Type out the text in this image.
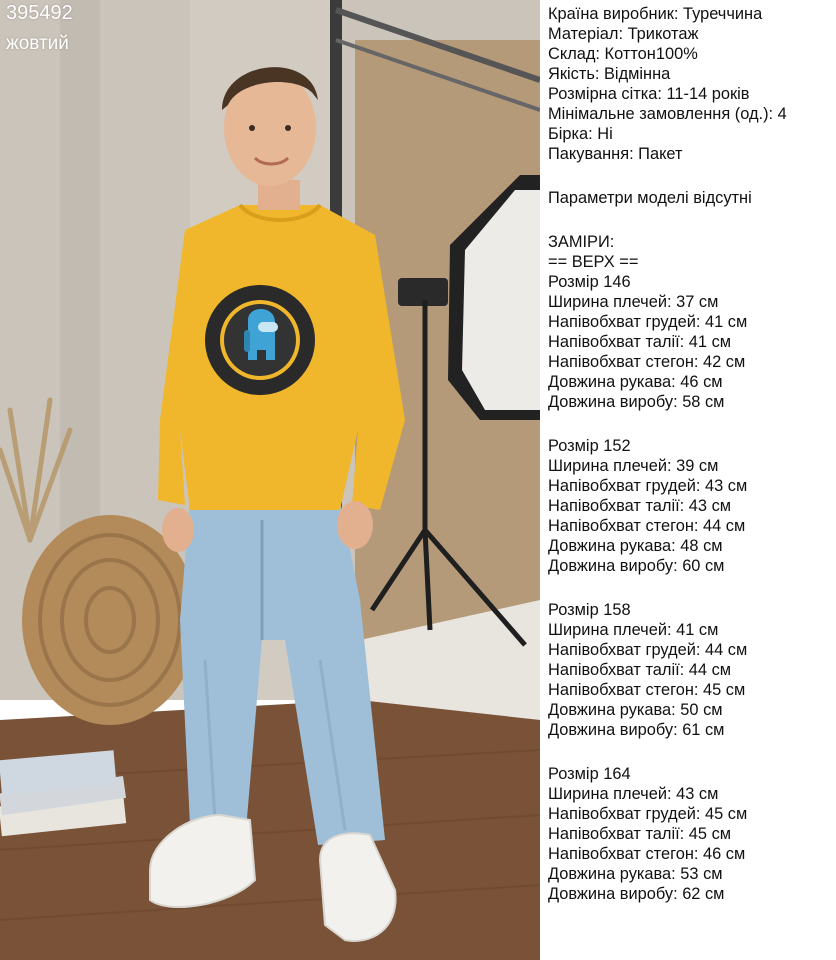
395492
жовтий
Країна виробник: Туреччина
Матеріал: Трикотаж
Склад: Коттон100%
Якість: Відмінна
Розмірна сітка: 11-14 років
Мінімальне замовлення (од.): 4
Бірка: Ні
Пакування: Пакет
Параметри моделі відсутні
ЗАМІРИ:
== ВЕРХ ==
Розмір 146
Ширина плечей: 37 см
Напівобхват грудей: 41 см
Напівобхват талії: 41 см
Напівобхват стегон: 42 см
Довжина рукава: 46 см
Довжина виробу: 58 см
Розмір 152
Ширина плечей: 39 см
Напівобхват грудей: 43 см
Напівобхват талії: 43 см
Напівобхват стегон: 44 см
Довжина рукава: 48 см
Довжина виробу: 60 см
Розмір 158
Ширина плечей: 41 см
Напівобхват грудей: 44 см
Напівобхват талії: 44 см
Напівобхват стегон: 45 см
Довжина рукава: 50 см
Довжина виробу: 61 см
Розмір 164
Ширина плечей: 43 см
Напівобхват грудей: 45 см
Напівобхват талії: 45 см
Напівобхват стегон: 46 см
Довжина рукава: 53 см
Довжина виробу: 62 см
